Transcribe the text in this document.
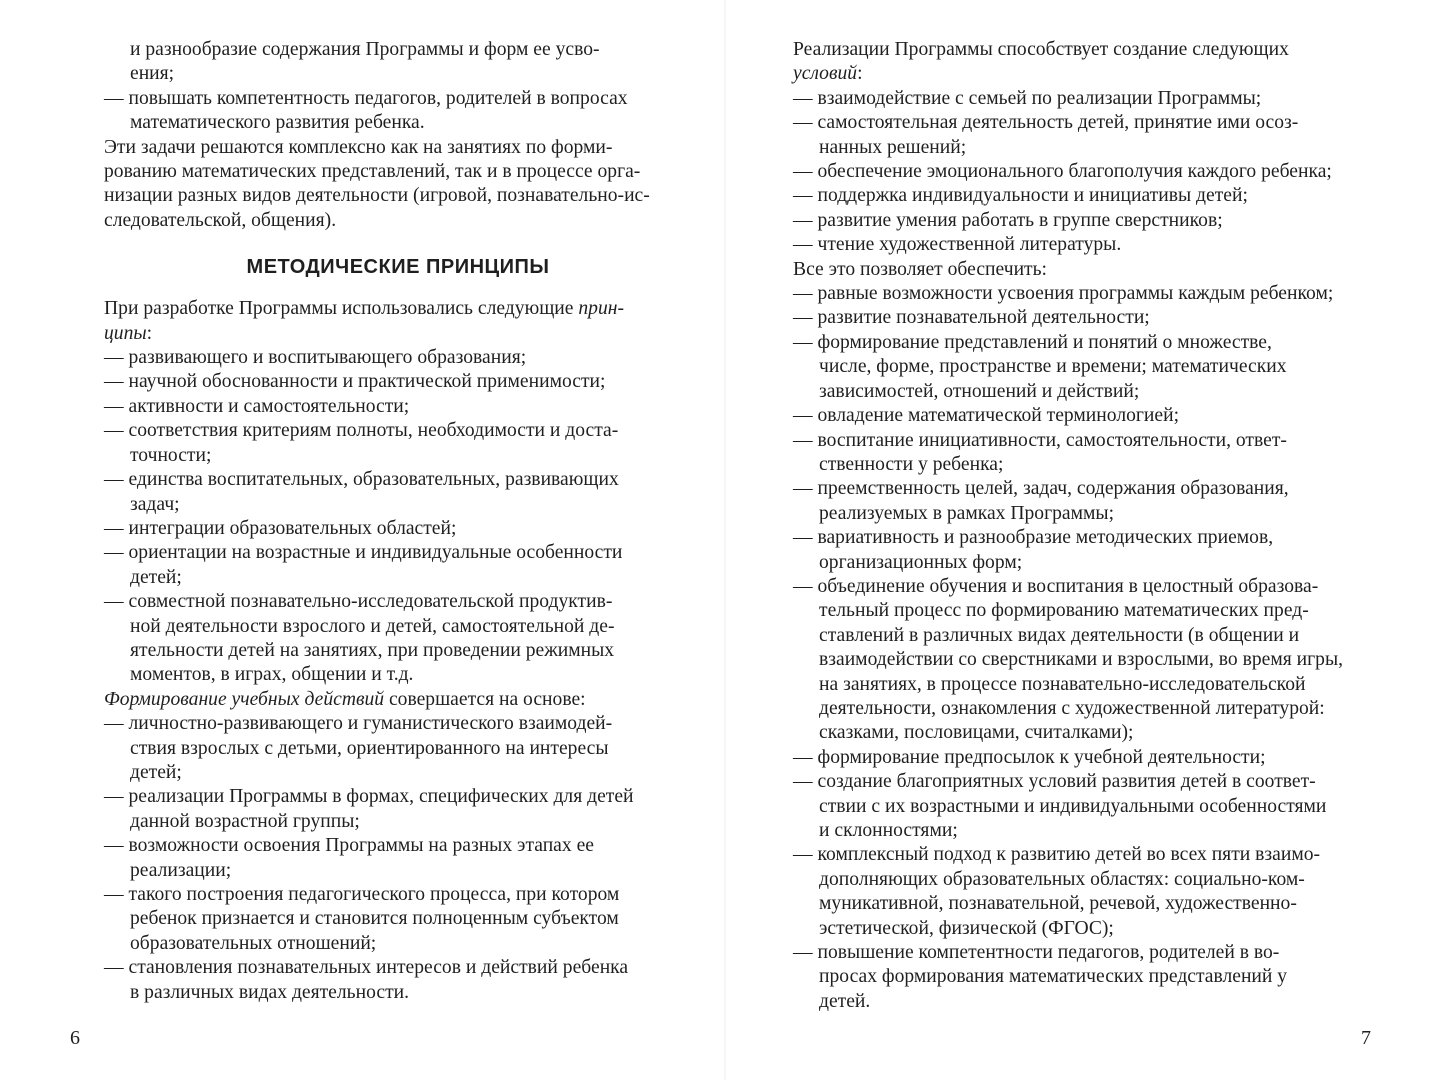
и разнообразие содержания Программы и форм ее усво-
ения;
— повышать компетентность педагогов, родителей в вопросах
математического развития ребенка.
Эти задачи решаются комплексно как на занятиях по форми-
рованию математических представлений, так и в процессе орга-
низации разных видов деятельности (игровой, познавательно-ис-
следовательской, общения).
МЕТОДИЧЕСКИЕ ПРИНЦИПЫ
При разработке Программы использовались следующие прин-
ципы:
— развивающего и воспитывающего образования;
— научной обоснованности и практической применимости;
— активности и самостоятельности;
— соответствия критериям полноты, необходимости и доста-
точности;
— единства воспитательных, образовательных, развивающих
задач;
— интеграции образовательных областей;
— ориентации на возрастные и индивидуальные особенности
детей;
— совместной познавательно-исследовательской продуктив-
ной деятельности взрослого и детей, самостоятельной де-
ятельности детей на занятиях, при проведении режимных
моментов, в играх, общении и т.д.
Формирование учебных действий совершается на основе:
— личностно-развивающего и гуманистического взаимодей-
ствия взрослых с детьми, ориентированного на интересы
детей;
— реализации Программы в формах, специфических для детей
данной возрастной группы;
— возможности освоения Программы на разных этапах ее
реализации;
— такого построения педагогического процесса, при котором
ребенок признается и становится полноценным субъектом
образовательных отношений;
— становления познавательных интересов и действий ребенка
в различных видах деятельности.
6
Реализации Программы способствует создание следующих
условий:
— взаимодействие с семьей по реализации Программы;
— самостоятельная деятельность детей, принятие ими осоз-
нанных решений;
— обеспечение эмоционального благополучия каждого ребенка;
— поддержка индивидуальности и инициативы детей;
— развитие умения работать в группе сверстников;
— чтение художественной литературы.
Все это позволяет обеспечить:
— равные возможности усвоения программы каждым ребенком;
— развитие познавательной деятельности;
— формирование представлений и понятий о множестве,
числе, форме, пространстве и времени; математических
зависимостей, отношений и действий;
— овладение математической терминологией;
— воспитание инициативности, самостоятельности, ответ-
ственности у ребенка;
— преемственность целей, задач, содержания образования,
реализуемых в рамках Программы;
— вариативность и разнообразие методических приемов,
организационных форм;
— объединение обучения и воспитания в целостный образова-
тельный процесс по формированию математических пред-
ставлений в различных видах деятельности (в общении и
взаимодействии со сверстниками и взрослыми, во время игры,
на занятиях, в процессе познавательно-исследовательской
деятельности, ознакомления с художественной литературой:
сказками, пословицами, считалками);
— формирование предпосылок к учебной деятельности;
— создание благоприятных условий развития детей в соответ-
ствии с их возрастными и индивидуальными особенностями
и склонностями;
— комплексный подход к развитию детей во всех пяти взаимо-
дополняющих образовательных областях: социально-ком-
муникативной, познавательной, речевой, художественно-
эстетической, физической (ФГОС);
— повышение компетентности педагогов, родителей в во-
просах формирования математических представлений у
детей.
7
